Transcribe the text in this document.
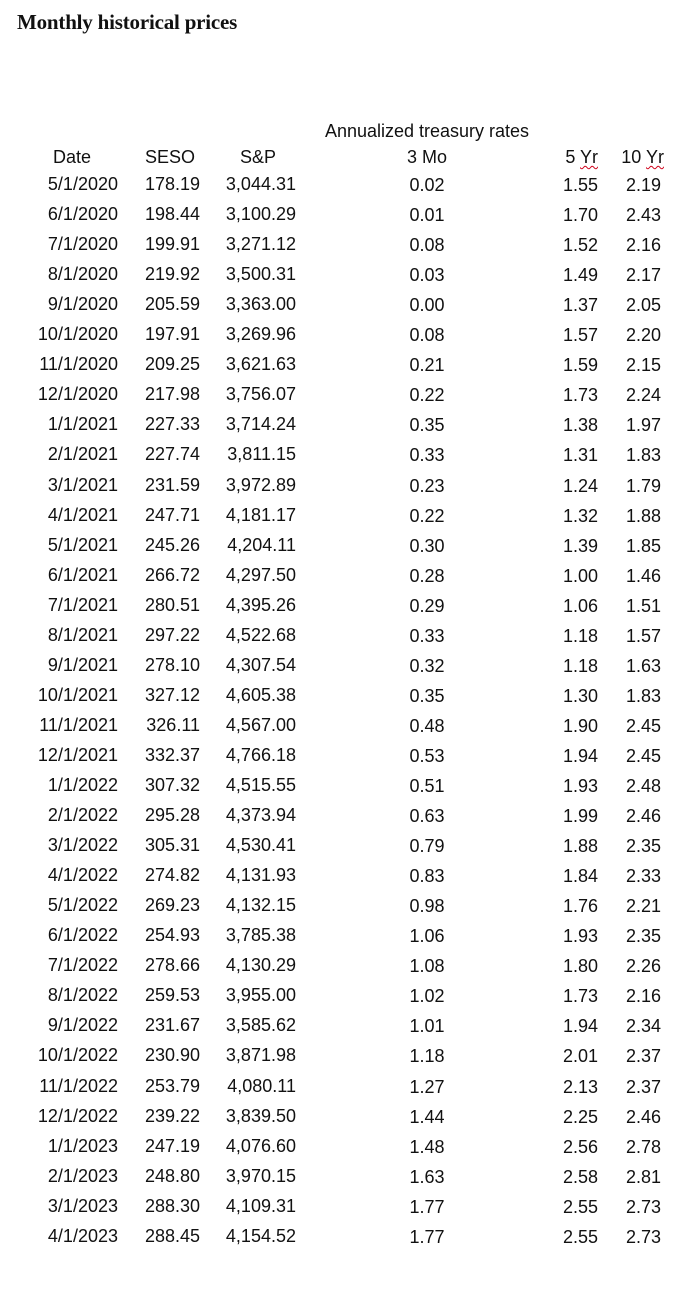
Monthly historical prices
Annualized treasury rates
Date	SESO	S&P	3 Mo	5 Yr	10 Yr
5/1/2020	178.19	3,044.31	0.02	1.55	2.19
6/1/2020	198.44	3,100.29	0.01	1.70	2.43
7/1/2020	199.91	3,271.12	0.08	1.52	2.16
8/1/2020	219.92	3,500.31	0.03	1.49	2.17
9/1/2020	205.59	3,363.00	0.00	1.37	2.05
10/1/2020	197.91	3,269.96	0.08	1.57	2.20
11/1/2020	209.25	3,621.63	0.21	1.59	2.15
12/1/2020	217.98	3,756.07	0.22	1.73	2.24
1/1/2021	227.33	3,714.24	0.35	1.38	1.97
2/1/2021	227.74	3,811.15	0.33	1.31	1.83
3/1/2021	231.59	3,972.89	0.23	1.24	1.79
4/1/2021	247.71	4,181.17	0.22	1.32	1.88
5/1/2021	245.26	4,204.11	0.30	1.39	1.85
6/1/2021	266.72	4,297.50	0.28	1.00	1.46
7/1/2021	280.51	4,395.26	0.29	1.06	1.51
8/1/2021	297.22	4,522.68	0.33	1.18	1.57
9/1/2021	278.10	4,307.54	0.32	1.18	1.63
10/1/2021	327.12	4,605.38	0.35	1.30	1.83
11/1/2021	326.11	4,567.00	0.48	1.90	2.45
12/1/2021	332.37	4,766.18	0.53	1.94	2.45
1/1/2022	307.32	4,515.55	0.51	1.93	2.48
2/1/2022	295.28	4,373.94	0.63	1.99	2.46
3/1/2022	305.31	4,530.41	0.79	1.88	2.35
4/1/2022	274.82	4,131.93	0.83	1.84	2.33
5/1/2022	269.23	4,132.15	0.98	1.76	2.21
6/1/2022	254.93	3,785.38	1.06	1.93	2.35
7/1/2022	278.66	4,130.29	1.08	1.80	2.26
8/1/2022	259.53	3,955.00	1.02	1.73	2.16
9/1/2022	231.67	3,585.62	1.01	1.94	2.34
10/1/2022	230.90	3,871.98	1.18	2.01	2.37
11/1/2022	253.79	4,080.11	1.27	2.13	2.37
12/1/2022	239.22	3,839.50	1.44	2.25	2.46
1/1/2023	247.19	4,076.60	1.48	2.56	2.78
2/1/2023	248.80	3,970.15	1.63	2.58	2.81
3/1/2023	288.30	4,109.31	1.77	2.55	2.73
4/1/2023	288.45	4,154.52	1.77	2.55	2.73
